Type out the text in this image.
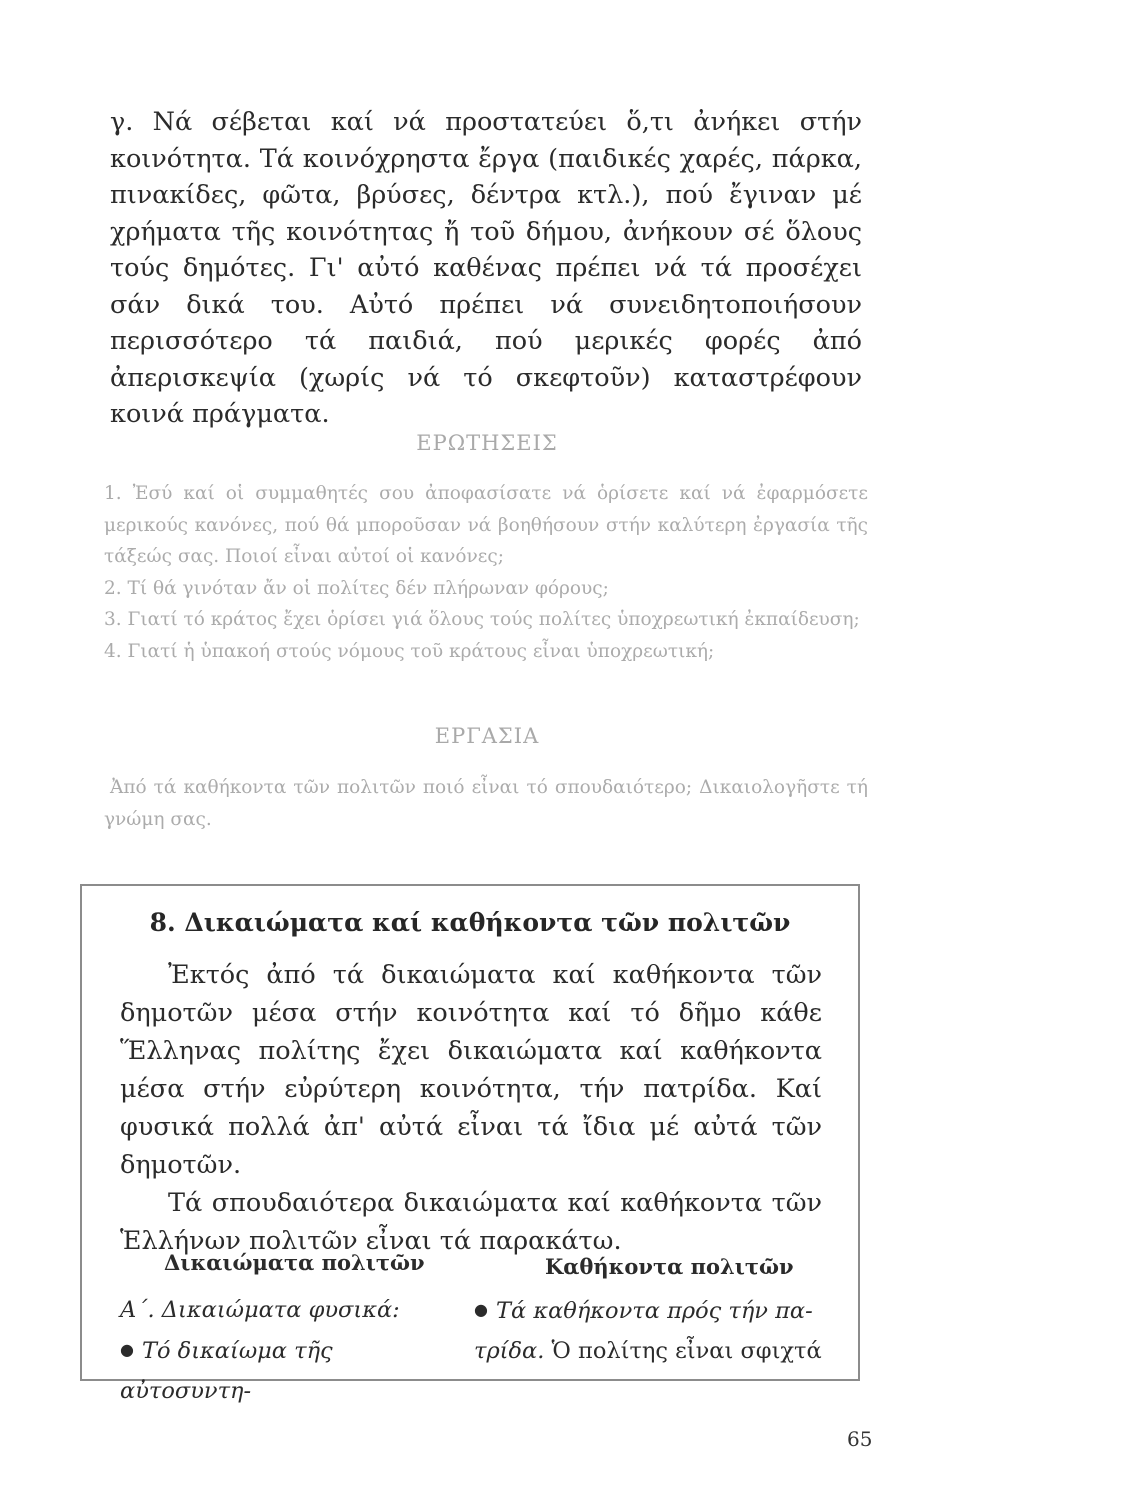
γ. Νά σέβεται καί νά προστατεύει ὅ,τι ἀνήκει στήν κοινότητα. Τά κοινόχρηστα ἔργα (παιδικές χαρές, πάρκα, πινακίδες, φῶτα, βρύσες, δέντρα κτλ.), πού ἔγιναν μέ χρήματα τῆς κοινότητας ἤ τοῦ δήμου, ἀνήκουν σέ ὅλους τούς δημότες. Γι' αὐτό καθένας πρέπει νά τά προσέχει σάν δικά του. Αὐτό πρέπει νά συνειδητοποιήσουν περισσότερο τά παιδιά, πού μερικές φορές ἀπό ἀπερισκεψία (χωρίς νά τό σκεφτοῦν) καταστρέφουν κοινά πράγματα.

ΕΡΩΤΗΣΕΙΣ

1. Ἐσύ καί οἱ συμμαθητές σου ἀποφασίσατε νά ὁρίσετε καί νά ἐφαρμόσετε μερικούς κανόνες, πού θά μποροῦσαν νά βοηθήσουν στήν καλύτερη ἐργασία τῆς τάξεώς σας. Ποιοί εἶναι αὐτοί οἱ κανόνες;

2. Τί θά γινόταν ἄν οἱ πολίτες δέν πλήρωναν φόρους;

3. Γιατί τό κράτος ἔχει ὁρίσει γιά ὅλους τούς πολίτες ὑποχρεωτική ἐκπαίδευση;

4. Γιατί ἡ ὑπακοή στούς νόμους τοῦ κράτους εἶναι ὑποχρεωτική;

ΕΡΓΑΣΙΑ

Ἀπό τά καθήκοντα τῶν πολιτῶν ποιό εἶναι τό σπουδαιότερο; Δικαιολογῆστε τή γνώμη σας.

8. Δικαιώματα καί καθήκοντα τῶν πολιτῶν

Ἐκτός ἀπό τά δικαιώματα καί καθήκοντα τῶν δημοτῶν μέσα στήν κοινότητα καί τό δῆμο κάθε Ἕλληνας πολίτης ἔχει δικαιώματα καί καθήκοντα μέσα στήν εὐρύτερη κοινότητα, τήν πατρίδα. Καί φυσικά πολλά ἀπ' αὐτά εἶναι τά ἴδια μέ αὐτά τῶν δημοτῶν.

Τά σπουδαιότερα δικαιώματα καί καθήκοντα τῶν Ἑλλήνων πολιτῶν εἶναι τά παρακάτω.

Δικαιώματα πολιτῶν	Καθήκοντα πολιτῶν
Α΄. Δικαιώματα φυσικά:
● Τό δικαίωμα τῆς αὐτοσυντη-
● Τά καθήκοντα πρός τήν πα-
τρίδα. Ὁ πολίτης εἶναι σφιχτά
65
